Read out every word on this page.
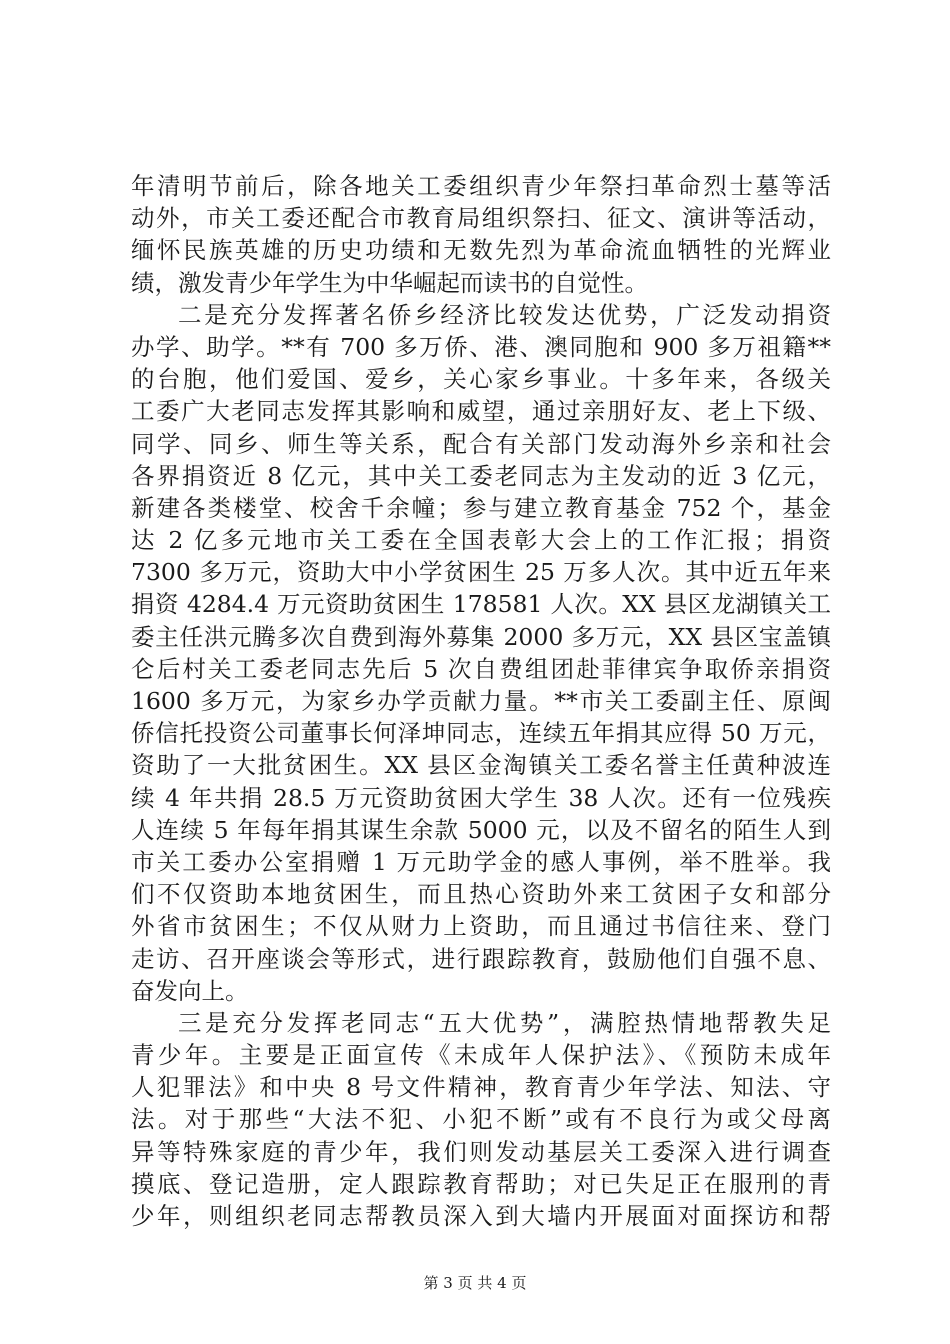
年清明节前后，除各地关工委组织青少年祭扫革命烈士墓等活
动外，市关工委还配合市教育局组织祭扫、征文、演讲等活动，
缅怀民族英雄的历史功绩和无数先烈为革命流血牺牲的光辉业
绩，激发青少年学生为中华崛起而读书的自觉性。
二是充分发挥著名侨乡经济比较发达优势，广泛发动捐资
办学、助学。**有 700 多万侨、港、澳同胞和 900 多万祖籍**
的台胞，他们爱国、爱乡，关心家乡事业。十多年来，各级关
工委广大老同志发挥其影响和威望，通过亲朋好友、老上下级、
同学、同乡、师生等关系，配合有关部门发动海外乡亲和社会
各界捐资近 8 亿元，其中关工委老同志为主发动的近 3 亿元，
新建各类楼堂、校舍千余幢；参与建立教育基金 752 个，基金
达 2 亿多元地市关工委在全国表彰大会上的工作汇报；捐资
7300 多万元，资助大中小学贫困生 25 万多人次。其中近五年来
捐资 4284.4 万元资助贫困生 178581 人次。XX 县区龙湖镇关工
委主任洪元腾多次自费到海外募集 2000 多万元，XX 县区宝盖镇
仑后村关工委老同志先后 5 次自费组团赴菲律宾争取侨亲捐资
1600 多万元，为家乡办学贡献力量。**市关工委副主任、原闽
侨信托投资公司董事长何泽坤同志，连续五年捐其应得 50 万元，
资助了一大批贫困生。XX 县区金淘镇关工委名誉主任黄种波连
续 4 年共捐 28.5 万元资助贫困大学生 38 人次。还有一位残疾
人连续 5 年每年捐其谋生余款 5000 元，以及不留名的陌生人到
市关工委办公室捐赠 1 万元助学金的感人事例，举不胜举。我
们不仅资助本地贫困生，而且热心资助外来工贫困子女和部分
外省市贫困生；不仅从财力上资助，而且通过书信往来、登门
走访、召开座谈会等形式，进行跟踪教育，鼓励他们自强不息、
奋发向上。
三是充分发挥老同志“五大优势”，满腔热情地帮教失足
青少年。主要是正面宣传《未成年人保护法》、《预防未成年
人犯罪法》和中央 8 号文件精神，教育青少年学法、知法、守
法。对于那些“大法不犯、小犯不断”或有不良行为或父母离
异等特殊家庭的青少年，我们则发动基层关工委深入进行调查
摸底、登记造册，定人跟踪教育帮助；对已失足正在服刑的青
少年，则组织老同志帮教员深入到大墙内开展面对面探访和帮
第 3 页 共 4 页
